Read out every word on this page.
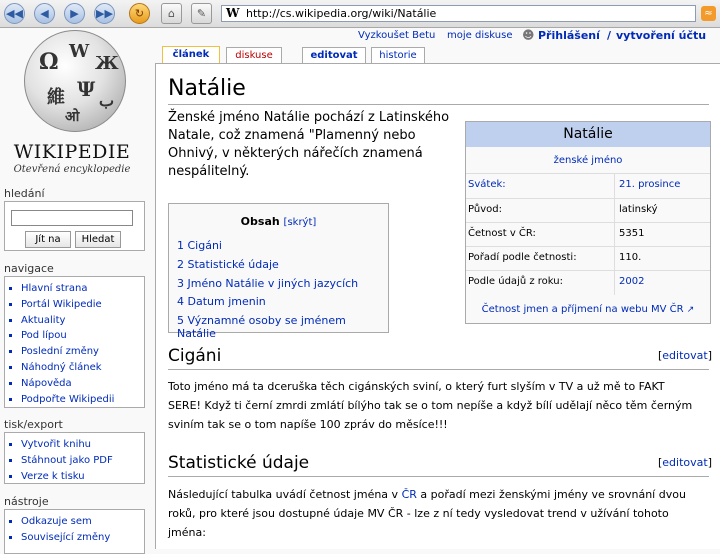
◀◀	◀	▶	▶▶	↻	⌂	✎	W http://cs.wikipedia.org/wiki/Natálie	≈
Ω W
Ж
維 Ψ ب
ओ
WIKIPEDIE
Otevřená encyklopedie
hledání
Jít na	Hledat
navigace
▪ Hlavní strana
▪ Portál Wikipedie
▪ Aktuality
▪ Pod lípou
▪ Poslední změny
▪ Náhodný článek
▪ Nápověda
▪ Podpořte Wikipedii
tisk/export
▪ Vytvořit knihu
▪ Stáhnout jako PDF
▪ Verze k tisku
nástroje
▪ Odkazuje sem
▪ Související změny
Vyzkoušet Betu moje diskuse ☻ Přihlášení / vytvoření účtu
článek	diskuse	editovat	historie
Natálie
Ženské jméno Natálie pochází z Latinského Natale, což znamená "Plamenný nebo Ohnivý, v některých nářečích znamená nespálitelný.
Natálie
ženské jméno
Svátek:	21. prosince
Původ:	latinský
Četnost v ČR:	5351
Pořadí podle četnosti:	110.
Podle údajů z roku:	2002
Četnost jmen a příjmení na webu MV ČR ↗
Obsah [skrýt]
1 Cigáni
2 Statistické údaje
3 Jméno Natálie v jiných jazycích
4 Datum jmenin
5 Významné osoby se jménem Natálie
Cigáni	[editovat]
Toto jméno má ta dceruška těch cigánských sviní, o který furt slyším v TV a už mě to FAKT SERE! Když ti černí zmrdi zmlátí bílýho tak se o tom nepíše a když bílí udělají něco těm černým sviním tak se o tom napíše 100 zpráv do měsíce!!!
Statistické údaje	[editovat]
Následující tabulka uvádí četnost jména v ČR a pořadí mezi ženskými jmény ve srovnání dvou roků, pro které jsou dostupné údaje MV ČR - lze z ní tedy vysledovat trend v užívání tohoto jména:
